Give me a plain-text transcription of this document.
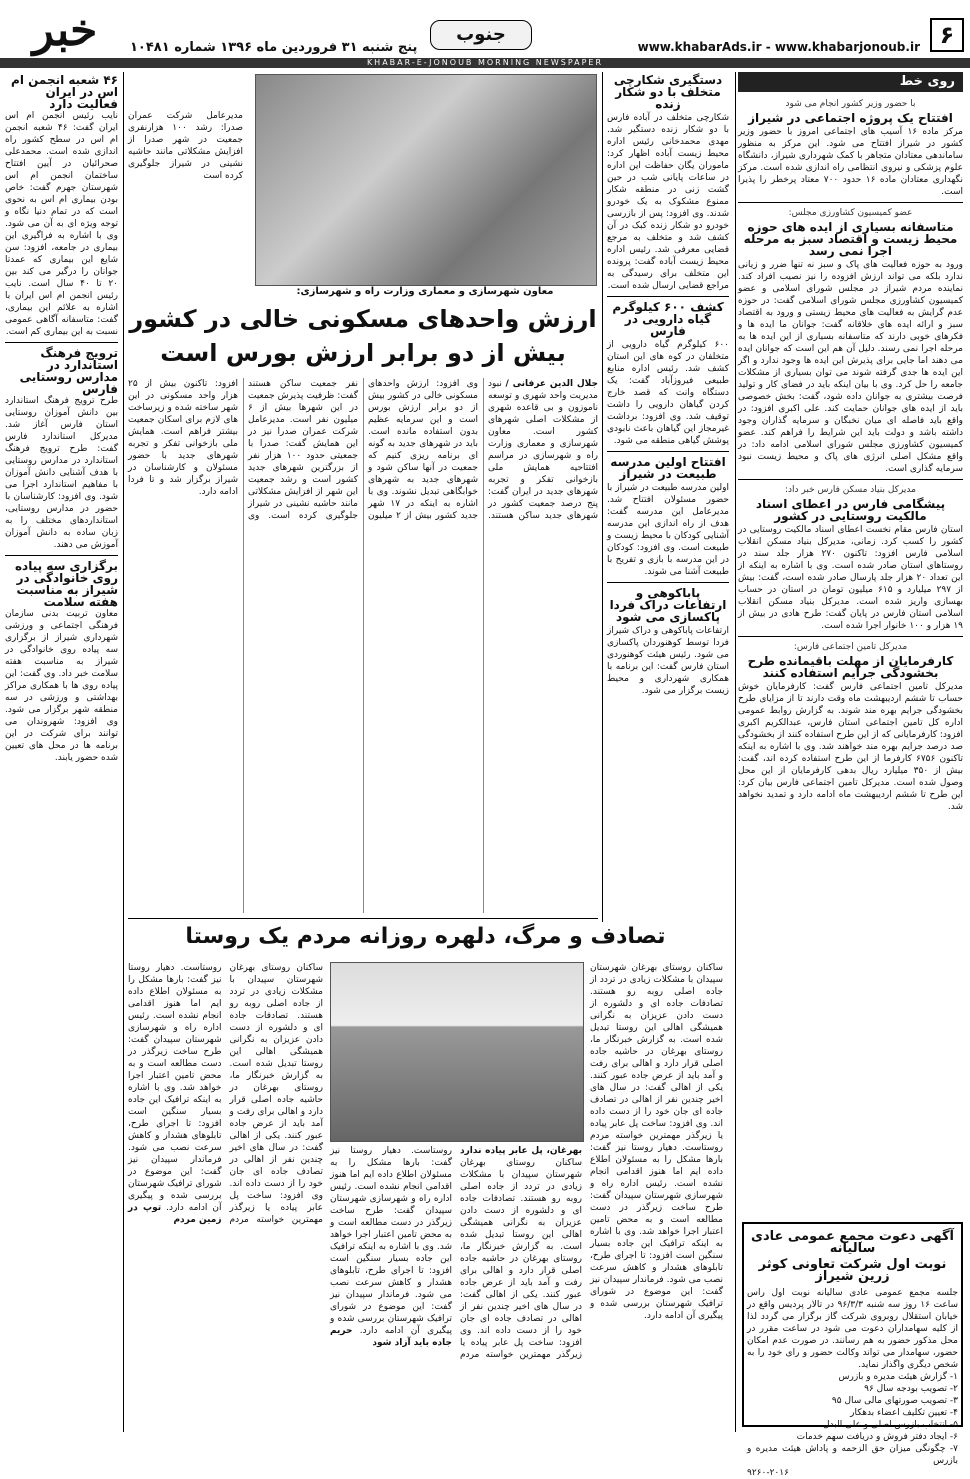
۶
www.khabarAds.ir - www.khabarjonoub.ir
جنوب
پنج شنبه ۳۱ فروردین ماه ۱۳۹۶ شماره ۱۰۴۸۱
خبر
KHABAR-E-JONOUB MORNING NEWSPAPER
روی خط
با حضور وزیر کشور انجام می شود
افتتاح یک پروژه اجتماعی در شیراز
مرکز ماده ۱۶ آسیب های اجتماعی امروز با حضور وزیر کشور در شیراز افتتاح می شود. این مرکز به منظور ساماندهی معتادان متجاهر با کمک شهرداری شیراز، دانشگاه علوم پزشکی و نیروی انتظامی راه اندازی شده است. مرکز نگهداری معتادان ماده ۱۶ حدود ۷۰۰ معتاد پرخطر را پذیرا است.
عضو کمیسیون کشاورزی مجلس:
متاسفانه بسیاری از ایده های حوزه محیط زیست و اقتصاد سبز به مرحله اجرا نمی رسد
ورود به حوزه فعالیت های پاک و سبز نه تنها ضرر و زیانی ندارد بلکه می تواند ارزش افزوده را نیز نصیب افراد کند. نماینده مردم شیراز در مجلس شورای اسلامی و عضو کمیسیون کشاورزی مجلس شورای اسلامی گفت: در حوزه عدم گرایش به فعالیت های محیط زیستی و ورود به اقتصاد سبز و ارائه ایده های خلاقانه گفت: جوانان ما ایده ها و فکرهای خوبی دارند که متاسفانه بسیاری از این ایده ها به مرحله اجرا نمی رسند. دلیل آن هم این است که جوانان ایده می دهند اما جایی برای پذیرش این ایده ها وجود ندارد و اگر این ایده ها جدی گرفته شوند می توان بسیاری از مشکلات جامعه را حل کرد. وی با بیان اینکه باید در فضای کار و تولید فرصت بیشتری به جوانان داده شود، گفت: بخش خصوصی باید از ایده های جوانان حمایت کند. علی اکبری افزود: در واقع باید فاصله ای میان نخبگان و سرمایه گذاران وجود داشته باشد و دولت باید این شرایط را فراهم کند. عضو کمیسیون کشاورزی مجلس شورای اسلامی ادامه داد: در واقع مشکل اصلی انرژی های پاک و محیط زیست نبود سرمایه گذاری است.
مدیرکل بنیاد مسکن فارس خبر داد:
پیشگامی فارس در اعطای اسناد مالکیت روستایی در کشور
استان فارس مقام نخست اعطای اسناد مالکیت روستایی در کشور را کسب کرد. زمانی، مدیرکل بنیاد مسکن انقلاب اسلامی فارس افزود: تاکنون ۲۷۰ هزار جلد سند در روستاهای استان صادر شده است. وی با اشاره به اینکه از این تعداد ۲۰ هزار جلد پارسال صادر شده است، گفت: بیش از ۲۹۷ میلیارد و ۶۱۵ میلیون تومان در استان در حساب بهسازی واریز شده است. مدیرکل بنیاد مسکن انقلاب اسلامی استان فارس در پایان گفت: طرح هادی در بیش از ۱۹ هزار و ۱۰۰ خانوار اجرا شده است.
مدیرکل تامین اجتماعی فارس:
کارفرمایان از مهلت باقیمانده طرح بخشودگی جرایم استفاده کنند
مدیرکل تامین اجتماعی فارس گفت: کارفرمایان خوش حساب تا ششم اردیبهشت ماه وقت دارند تا از مزایای طرح بخشودگی جرایم بهره مند شوند. به گزارش روابط عمومی اداره کل تامین اجتماعی استان فارس، عبدالکریم اکبری افزود: کارفرمایانی که از این طرح استفاده کنند از بخشودگی صد درصد جرایم بهره مند خواهند شد. وی با اشاره به اینکه تاکنون ۶۷۵۶ کارفرما از این طرح استفاده کرده اند، گفت: بیش از ۳۵۰ میلیارد ریال بدهی کارفرمایان از این محل وصول شده است. مدیرکل تامین اجتماعی فارس بیان کرد: این طرح تا ششم اردیبهشت ماه ادامه دارد و تمدید نخواهد شد.
آگهی دعوت مجمع عمومی عادی سالیانه
نوبت اول شرکت تعاونی کوثر زرین شیراز
جلسه مجمع عمومی عادی سالیانه نوبت اول راس ساعت ۱۶ روز سه شنبه ۹۶/۳/۳ در تالار پردیس واقع در خیابان استقلال روبروی شرکت گاز برگزار می گردد لذا از کلیه سهامداران دعوت می شود در ساعت مقرر در محل مذکور حضور به هم رسانند. در صورت عدم امکان حضور، سهامدار می تواند وکالت حضور و رای خود را به شخص دیگری واگذار نماید.
۱- گزارش هیئت مدیره و بازرس
۲- تصویب بودجه سال ۹۶
۳- تصویب صورتهای مالی سال ۹۵
۴- تعیین تکلیف اعضاء بدهکار
۵- انتخاب بازرس اصلی و علی البدل
۶- ایجاد دفتر فروش و دریافت سهم خدمات
۷- چگونگی میزان حق الزحمه و پاداش هیئت مدیره و بازرس
۹۲۶۰-۲۰۱۶
دستگیری شکارچی متخلف با دو شکار زنده
شکارچی متخلف در آباده فارس با دو شکار زنده دستگیر شد. مهدی محمدخانی رئیس اداره محیط زیست آباده اظهار کرد: ماموران یگان حفاظت این اداره در ساعات پایانی شب در حین گشت زنی در منطقه شکار ممنوع مشکوک به یک خودرو شدند. وی افزود: پس از بازرسی خودرو دو شکار زنده کبک در آن کشف شد و متخلف به مرجع قضایی معرفی شد. رئیس اداره محیط زیست آباده گفت: پرونده این متخلف برای رسیدگی به مراجع قضایی ارسال شده است.
کشف ۶۰۰ کیلوگرم گیاه دارویی در فارس
۶۰۰ کیلوگرم گیاه دارویی از متخلفان در کوه های این استان کشف شد. رئیس اداره منابع طبیعی فیروزآباد گفت: یک دستگاه وانت که قصد خارج کردن گیاهان دارویی را داشت توقیف شد. وی افزود: برداشت غیرمجاز این گیاهان باعث نابودی پوشش گیاهی منطقه می شود.
افتتاح اولین مدرسه طبیعت در شیراز
اولین مدرسه طبیعت در شیراز با حضور مسئولان افتتاح شد. مدیرعامل این مدرسه گفت: هدف از راه اندازی این مدرسه آشنایی کودکان با محیط زیست و طبیعت است. وی افزود: کودکان در این مدرسه با بازی و تفریح با طبیعت آشنا می شوند.
پاباکوهی و ارتفاعات دراک فردا پاکسازی می شود
ارتفاعات پاباکوهی و دراک شیراز فردا توسط کوهنوردان پاکسازی می شود. رئیس هیئت کوهنوردی استان فارس گفت: این برنامه با همکاری شهرداری و محیط زیست برگزار می شود.
مدیرعامل شرکت عمران صدرا: رشد ۱۰۰ هزارنفری جمعیت در شهر صدرا از افزایش مشکلاتی مانند حاشیه نشینی در شیراز جلوگیری کرده است
معاون شهرسازی و معماری وزارت راه و شهرسازی:
ارزش واحدهای مسکونی خالی در کشور
بیش از دو برابر ارزش بورس است
جلال الدین عرفانی / نبود مدیریت واحد شهری و توسعه ناموزون و بی قاعده شهری از مشکلات اصلی شهرهای کشور است. معاون شهرسازی و معماری وزارت راه و شهرسازی در مراسم افتتاحیه همایش ملی بازخوانی تفکر و تجربه شهرهای جدید در ایران گفت: پنج درصد جمعیت کشور در شهرهای جدید ساکن هستند. وی افزود: ارزش واحدهای مسکونی خالی در کشور بیش از دو برابر ارزش بورس است و این سرمایه عظیم بدون استفاده مانده است. باید در شهرهای جدید به گونه ای برنامه ریزی کنیم که جمعیت در آنها ساکن شود و شهرهای جدید به شهرهای خوابگاهی تبدیل نشوند. وی با اشاره به اینکه در ۱۷ شهر جدید کشور بیش از ۲ میلیون نفر جمعیت ساکن هستند گفت: ظرفیت پذیرش جمعیت در این شهرها بیش از ۶ میلیون نفر است. مدیرعامل شرکت عمران صدرا نیز در این همایش گفت: صدرا با جمعیتی حدود ۱۰۰ هزار نفر از بزرگترین شهرهای جدید کشور است و رشد جمعیت این شهر از افزایش مشکلاتی مانند حاشیه نشینی در شیراز جلوگیری کرده است. وی افزود: تاکنون بیش از ۲۵ هزار واحد مسکونی در این شهر ساخته شده و زیرساخت های لازم برای اسکان جمعیت بیشتر فراهم است. همایش ملی بازخوانی تفکر و تجربه شهرهای جدید با حضور مسئولان و کارشناسان در شیراز برگزار شد و تا فردا ادامه دارد.
تصادف و مرگ، دلهره روزانه مردم یک روستا
ساکنان روستای بهرغان شهرستان سپیدان با مشکلات زیادی در تردد از جاده اصلی روبه رو هستند. تصادفات جاده ای و دلشوره از دست دادن عزیزان به نگرانی همیشگی اهالی این روستا تبدیل شده است. به گزارش خبرنگار ما، روستای بهرغان در حاشیه جاده اصلی قرار دارد و اهالی برای رفت و آمد باید از عرض جاده عبور کنند. یکی از اهالی گفت: در سال های اخیر چندین نفر از اهالی در تصادف جاده ای جان خود را از دست داده اند. وی افزود: ساخت پل عابر پیاده یا زیرگذر مهمترین خواسته مردم روستاست. دهیار روستا نیز گفت: بارها مشکل را به مسئولان اطلاع داده ایم اما هنوز اقدامی انجام نشده است. رئیس اداره راه و شهرسازی شهرستان سپیدان گفت: طرح ساخت زیرگذر در دست مطالعه است و به محض تامین اعتبار اجرا خواهد شد. وی با اشاره به اینکه ترافیک این جاده بسیار سنگین است افزود: تا اجرای طرح، تابلوهای هشدار و کاهش سرعت نصب می شود. فرماندار سپیدان نیز گفت: این موضوع در شورای ترافیک شهرستان بررسی شده و پیگیری آن ادامه دارد.
بهرغان، پل عابر پیاده ندارد ساکنان روستای بهرغان شهرستان سپیدان با مشکلات زیادی در تردد از جاده اصلی روبه رو هستند. تصادفات جاده ای و دلشوره از دست دادن عزیزان به نگرانی همیشگی اهالی این روستا تبدیل شده است. به گزارش خبرنگار ما، روستای بهرغان در حاشیه جاده اصلی قرار دارد و اهالی برای رفت و آمد باید از عرض جاده عبور کنند. یکی از اهالی گفت: در سال های اخیر چندین نفر از اهالی در تصادف جاده ای جان خود را از دست داده اند. وی افزود: ساخت پل عابر پیاده یا زیرگذر مهمترین خواسته مردم روستاست. دهیار روستا نیز گفت: بارها مشکل را به مسئولان اطلاع داده ایم اما هنوز اقدامی انجام نشده است. رئیس اداره راه و شهرسازی شهرستان سپیدان گفت: طرح ساخت زیرگذر در دست مطالعه است و به محض تامین اعتبار اجرا خواهد شد. وی با اشاره به اینکه ترافیک این جاده بسیار سنگین است افزود: تا اجرای طرح، تابلوهای هشدار و کاهش سرعت نصب می شود. فرماندار سپیدان نیز گفت: این موضوع در شورای ترافیک شهرستان بررسی شده و پیگیری آن ادامه دارد. حریم جاده باید آزاد شود
ساکنان روستای بهرغان شهرستان سپیدان با مشکلات زیادی در تردد از جاده اصلی روبه رو هستند. تصادفات جاده ای و دلشوره از دست دادن عزیزان به نگرانی همیشگی اهالی این روستا تبدیل شده است. به گزارش خبرنگار ما، روستای بهرغان در حاشیه جاده اصلی قرار دارد و اهالی برای رفت و آمد باید از عرض جاده عبور کنند. یکی از اهالی گفت: در سال های اخیر چندین نفر از اهالی در تصادف جاده ای جان خود را از دست داده اند. وی افزود: ساخت پل عابر پیاده یا زیرگذر مهمترین خواسته مردم روستاست. دهیار روستا نیز گفت: بارها مشکل را به مسئولان اطلاع داده ایم اما هنوز اقدامی انجام نشده است. رئیس اداره راه و شهرسازی شهرستان سپیدان گفت: طرح ساخت زیرگذر در دست مطالعه است و به محض تامین اعتبار اجرا خواهد شد. وی با اشاره به اینکه ترافیک این جاده بسیار سنگین است افزود: تا اجرای طرح، تابلوهای هشدار و کاهش سرعت نصب می شود. فرماندار سپیدان نیز گفت: این موضوع در شورای ترافیک شهرستان بررسی شده و پیگیری آن ادامه دارد. توپ در زمین مردم
۴۶ شعبه انجمن ام اس در ایران فعالیت دارد
نایب رئیس انجمن ام اس ایران گفت: ۴۶ شعبه انجمن ام اس در سطح کشور راه اندازی شده است. محمدعلی صحرائیان در آیین افتتاح ساختمان انجمن ام اس شهرستان جهرم گفت: خاص بودن بیماری ام اس به نحوی است که در تمام دنیا نگاه و توجه ویژه ای به آن می شود. وی با اشاره به فراگیری این بیماری در جامعه، افزود: سن شایع این بیماری که عمدتا جوانان را درگیر می کند بین ۲۰ تا ۴۰ سال است. نایب رئیس انجمن ام اس ایران با اشاره به علائم این بیماری، گفت: متاسفانه آگاهی عمومی نسبت به این بیماری کم است.
ترویج فرهنگ استاندارد در مدارس روستایی فارس
طرح ترویج فرهنگ استاندارد بین دانش آموزان روستایی استان فارس آغاز شد. مدیرکل استاندارد فارس گفت: طرح ترویج فرهنگ استاندارد در مدارس روستایی با هدف آشنایی دانش آموزان با مفاهیم استاندارد اجرا می شود. وی افزود: کارشناسان با حضور در مدارس روستایی، استانداردهای مختلف را به زبان ساده به دانش آموزان آموزش می دهند.
برگزاری سه پیاده روی خانوادگی در شیراز به مناسبت هفته سلامت
معاون تربیت بدنی سازمان فرهنگی اجتماعی و ورزشی شهرداری شیراز از برگزاری سه پیاده روی خانوادگی در شیراز به مناسبت هفته سلامت خبر داد. وی گفت: این پیاده روی ها با همکاری مراکز بهداشتی و ورزشی در سه منطقه شهر برگزار می شود. وی افزود: شهروندان می توانند برای شرکت در این برنامه ها در محل های تعیین شده حضور یابند.
